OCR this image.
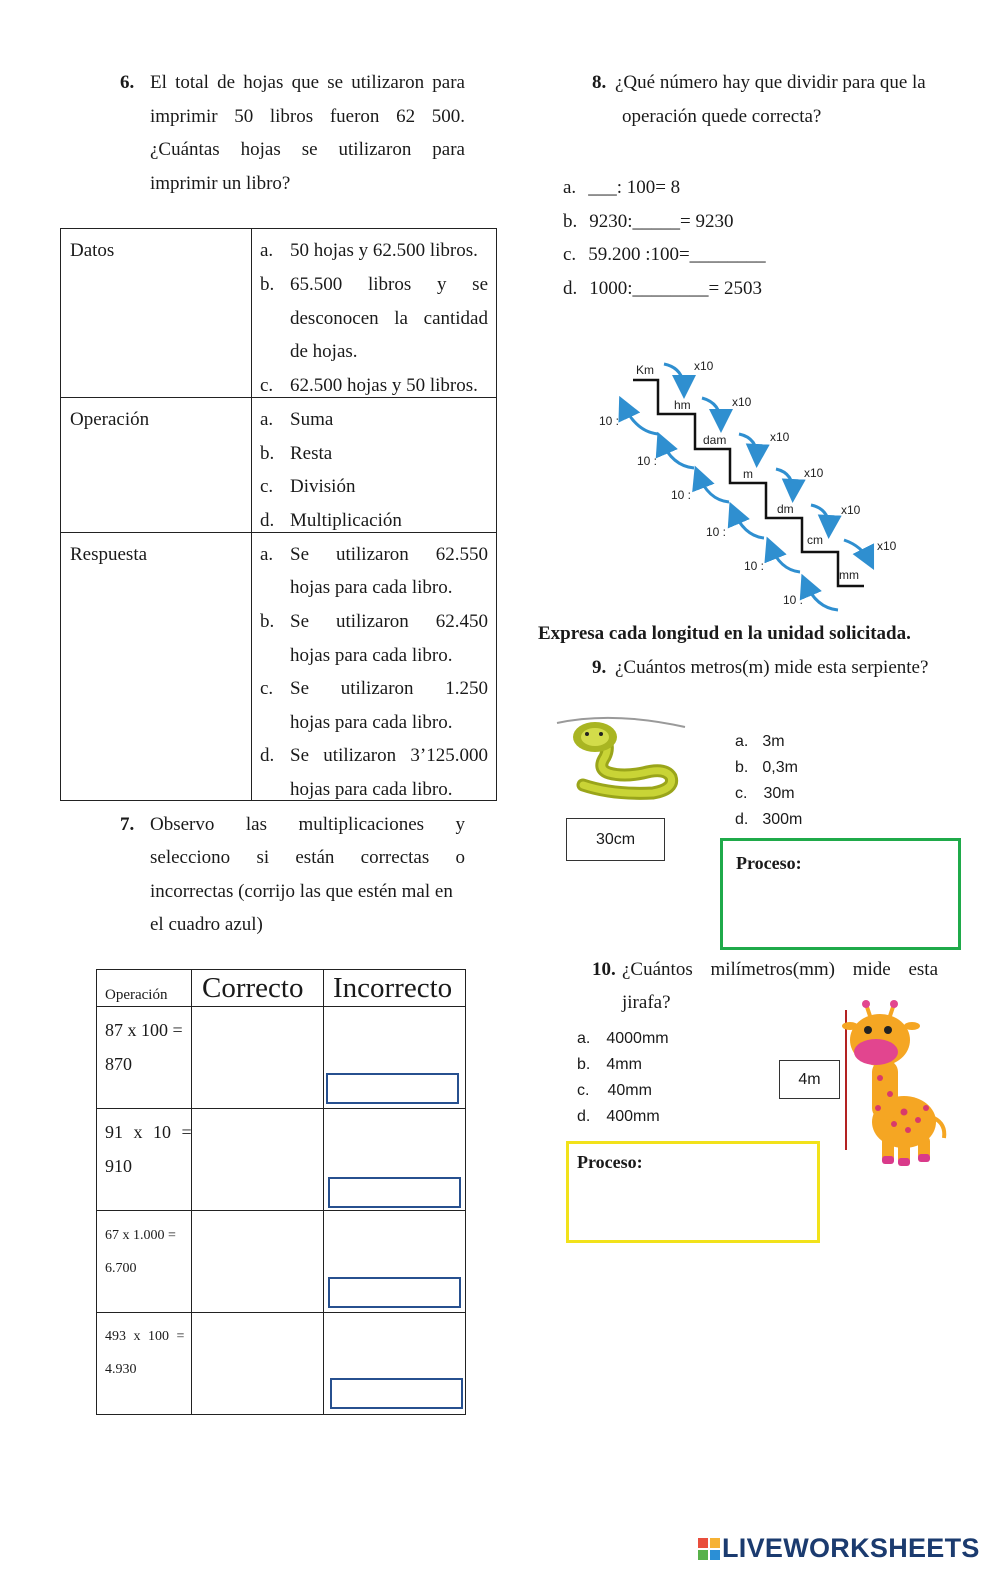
6. El total de hojas que se utilizaron para
imprimir 50 libros fueron 62 500.
¿Cuántas hojas se utilizaron para
imprimir un libro?
Datos	a. 50 hojas y 62.500 libros.
b. 65.500 libros y se
desconocen la cantidad
de hojas.
c. 62.500 hojas y 50 libros.
Operación	a. Suma
b. Resta
c. División
d. Multiplicación
Respuesta	a. Se utilizaron 62.550
hojas para cada libro.
b. Se utilizaron 62.450
hojas para cada libro.
c. Se utilizaron 1.250
hojas para cada libro.
d. Se utilizaron 3’125.000
hojas para cada libro.
7. Observo las multiplicaciones y
selecciono si están correctas o
incorrectas (corrijo las que estén mal en
el cuadro azul)
Operación Correcto Incorrecto
87 x 100 =
870
91 x 10 =
910
67 x 1.000 =
6.700
493 x 100 =
4.930
8. ¿Qué número hay que dividir para que la
operación quede correcta?
a. ___: 100= 8
b. 9230:_____= 9230
c. 59.200 :100=________
d. 1000:________= 2503
Km
hm
dam
m
dm
cm
mm
x10
x10
x10
x10
x10
x10
10 :
10 :
10 :
10 :
10 :
10 :
Expresa cada longitud en la unidad solicitada.
9. ¿Cuántos metros(m) mide esta serpiente?
30cm
a. 3m
b. 0,3m
c. 30m
d. 300m
Proceso:
10. ¿Cuántos milímetros(mm) mide esta
jirafa?
a. 4000mm
b. 4mm
c. 40mm
d. 400mm
4m
Proceso:
LIVEWORKSHEETS
